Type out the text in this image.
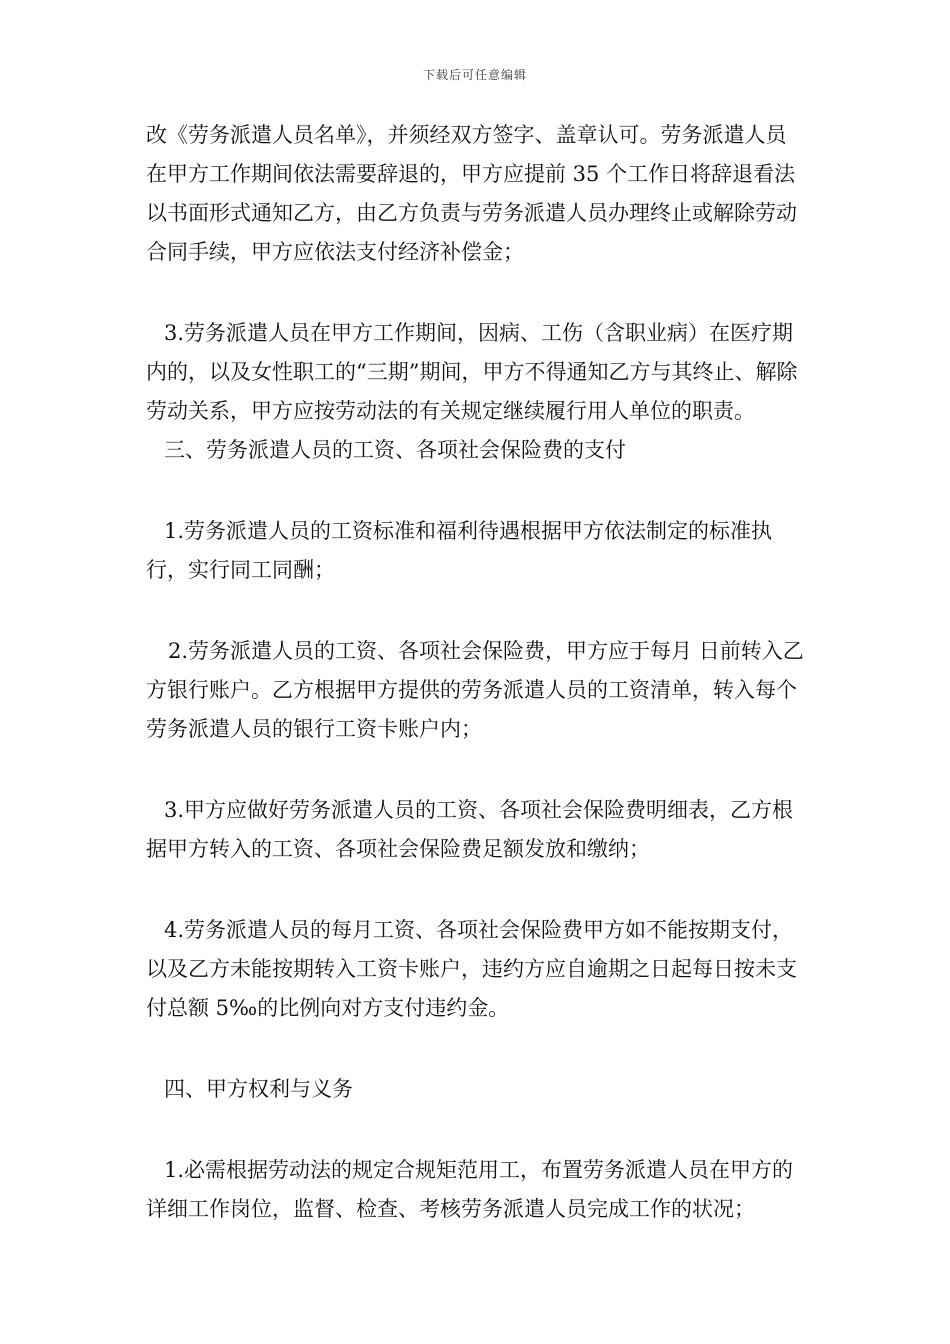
下载后可任意编辑

改《劳务派遣人员名单》，并须经双方签字、盖章认可。劳务派遣人员在甲方工作期间依法需要辞退的，甲方应提前 35 个工作日将辞退看法以书面形式通知乙方，由乙方负责与劳务派遣人员办理终止或解除劳动合同手续，甲方应依法支付经济补偿金；

3.劳务派遣人员在甲方工作期间，因病、工伤（含职业病）在医疗期内的，以及女性职工的“三期”期间，甲方不得通知乙方与其终止、解除劳动关系，甲方应按劳动法的有关规定继续履行用人单位的职责。

三、劳务派遣人员的工资、各项社会保险费的支付

1.劳务派遣人员的工资标准和福利待遇根据甲方依法制定的标准执行，实行同工同酬；

2.劳务派遣人员的工资、各项社会保险费，甲方应于每月 日前转入乙方银行账户。乙方根据甲方提供的劳务派遣人员的工资清单，转入每个劳务派遣人员的银行工资卡账户内；

3.甲方应做好劳务派遣人员的工资、各项社会保险费明细表，乙方根据甲方转入的工资、各项社会保险费足额发放和缴纳；

4.劳务派遣人员的每月工资、各项社会保险费甲方如不能按期支付，以及乙方未能按期转入工资卡账户，违约方应自逾期之日起每日按未支付总额 5‰的比例向对方支付违约金。

四、甲方权利与义务

1.必需根据劳动法的规定合规矩范用工，布置劳务派遣人员在甲方的详细工作岗位，监督、检查、考核劳务派遣人员完成工作的状况；
